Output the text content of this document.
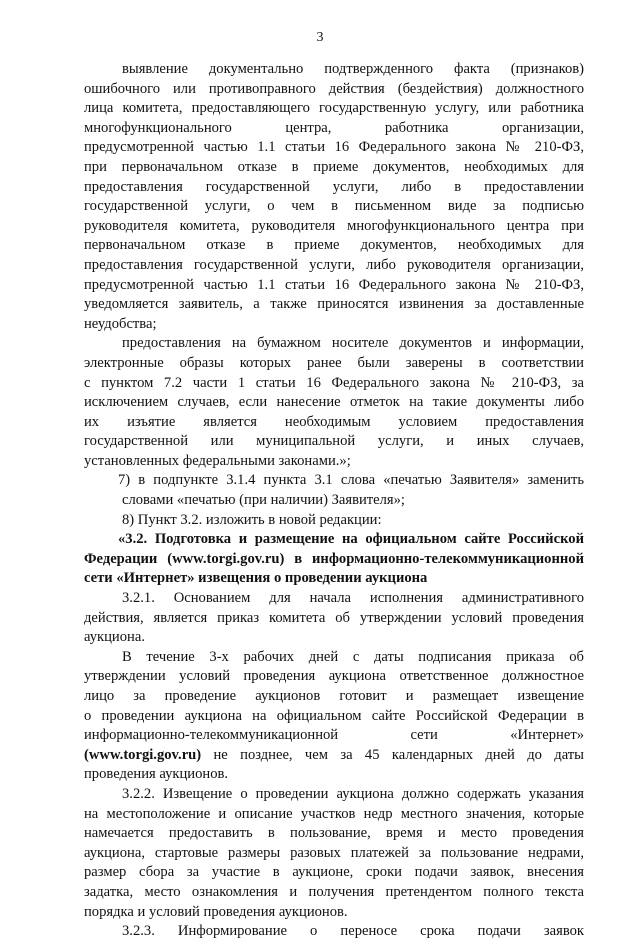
3
выявление документально подтвержденного факта (признаков)
ошибочного или противоправного действия (бездействия) должностного
лица комитета, предоставляющего государственную услугу, или работника
многофункционального центра, работника организации,
предусмотренной частью 1.1 статьи 16 Федерального закона № 210-ФЗ,
при первоначальном отказе в приеме документов, необходимых для
предоставления государственной услуги, либо в предоставлении
государственной услуги, о чем в письменном виде за подписью
руководителя комитета, руководителя многофункционального центра при
первоначальном отказе в приеме документов, необходимых для
предоставления государственной услуги, либо руководителя организации,
предусмотренной частью 1.1 статьи 16 Федерального закона № 210-ФЗ,
уведомляется заявитель, а также приносятся извинения за доставленные
неудобства;
предоставления на бумажном носителе документов и информации,
электронные образы которых ранее были заверены в соответствии
с пунктом 7.2 части 1 статьи 16 Федерального закона № 210-ФЗ, за
исключением случаев, если нанесение отметок на такие документы либо
их изъятие является необходимым условием предоставления
государственной или муниципальной услуги, и иных случаев,
установленных федеральными законами.»;
7) в подпункте 3.1.4 пункта 3.1 слова «печатью Заявителя» заменить
словами «печатью (при наличии) Заявителя»;
8) Пункт 3.2. изложить в новой редакции:
«3.2. Подготовка и размещение на официальном сайте Российской
Федерации (www.torgi.gov.ru) в информационно-телекоммуникационной
сети «Интернет» извещения о проведении аукциона
3.2.1. Основанием для начала исполнения административного
действия, является приказ комитета об утверждении условий проведения
аукциона.
В течение 3-х рабочих дней с даты подписания приказа об
утверждении условий проведения аукциона ответственное должностное
лицо за проведение аукционов готовит и размещает извещение
о проведении аукциона на официальном сайте Российской Федерации в
информационно-телекоммуникационной сети «Интернет»
(www.torgi.gov.ru) не позднее, чем за 45 календарных дней до даты
проведения аукционов.
3.2.2. Извещение о проведении аукциона должно содержать указания
на местоположение и описание участков недр местного значения, которые
намечается предоставить в пользование, время и место проведения
аукциона, стартовые размеры разовых платежей за пользование недрами,
размер сбора за участие в аукционе, сроки подачи заявок, внесения
задатка, место ознакомления и получения претендентом полного текста
порядка и условий проведения аукционов.
3.2.3. Информирование о переносе срока подачи заявок
